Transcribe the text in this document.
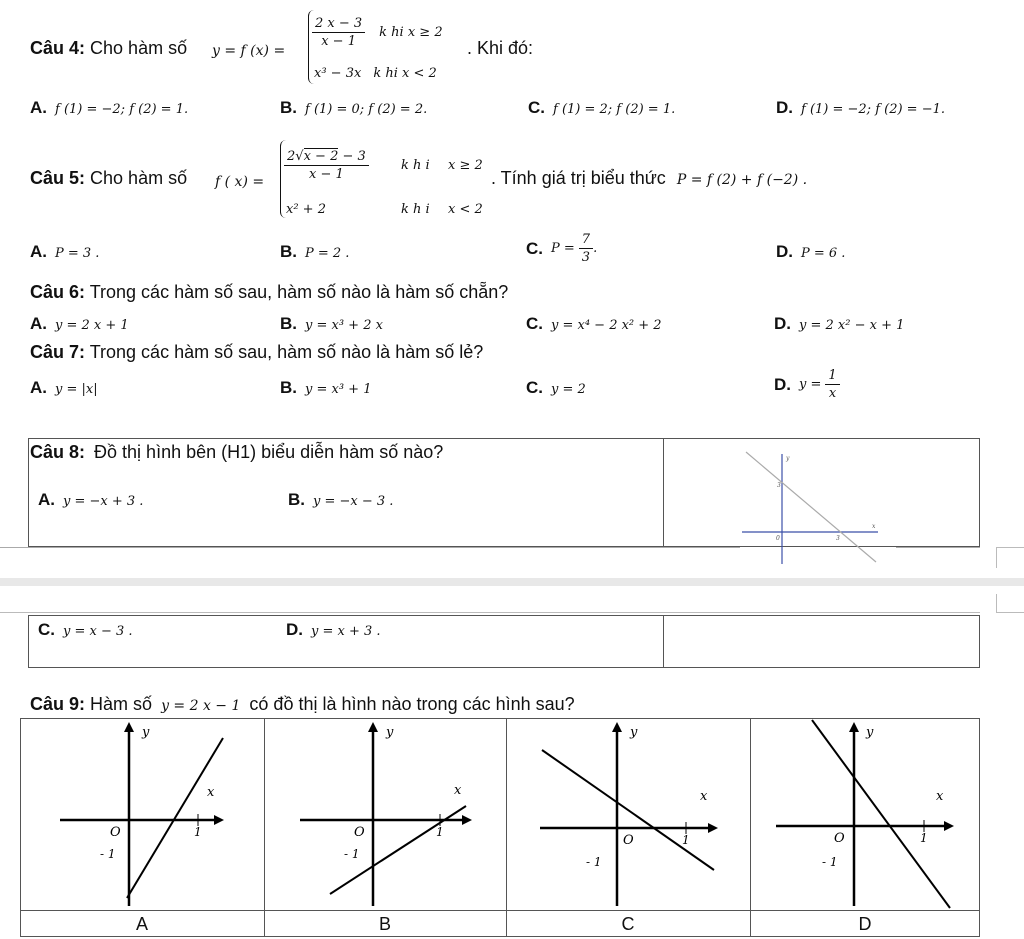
Câu 4: Cho hàm số y = f (x) =
$\frac{2 x - 3}{x - 1}$ k hi x ≥ 2
x³ − 3x k hi x < 2
. Khi đó:
A. f (1) = −2; f (2) = 1.	B. f (1) = 0; f (2) = 2.	C. f (1) = 2; f (2) = 1.	D. f (1) = −2; f (2) = −1.
Câu 5: Cho hàm số f ( x) =
$\frac{2√x - 2 - 3}{x - 1}$ k h i x ≥ 2
x² + 2	k h i x < 2
. Tính giá trị biểu thức P = f (2) + f (−2) .
A. P = 3 .	B. P = 2 .	C. $P = \frac{7}{3}$ .	D. P = 6 .
Câu 6: Trong các hàm số sau, hàm số nào là hàm số chẵn?
A. y = 2 x + 1	B. y = x³ + 2 x	C. y = x⁴ − 2 x² + 2	D. y = 2 x² − x + 1
Câu 7: Trong các hàm số sau, hàm số nào là hàm số lẻ?
A. y = |x|	B. y = x³ + 1	C. y = 2	D. $y = \frac{1}{x}$
Câu 8: Đồ thị hình bên (H1) biểu diễn hàm số nào?
A. y = −x + 3 .	B. y = −x − 3 .
y
x
0
3
3
C. y = x − 3 .	D. y = x + 3 .
Câu 9: Hàm số y = 2 x − 1 có đồ thị là hình nào trong các hình sau?
y
x
O	1
- 1
y
x
O	1
- 1
y
x
O	1
- 1
y
x
O	1
- 1
A	B	C	D
